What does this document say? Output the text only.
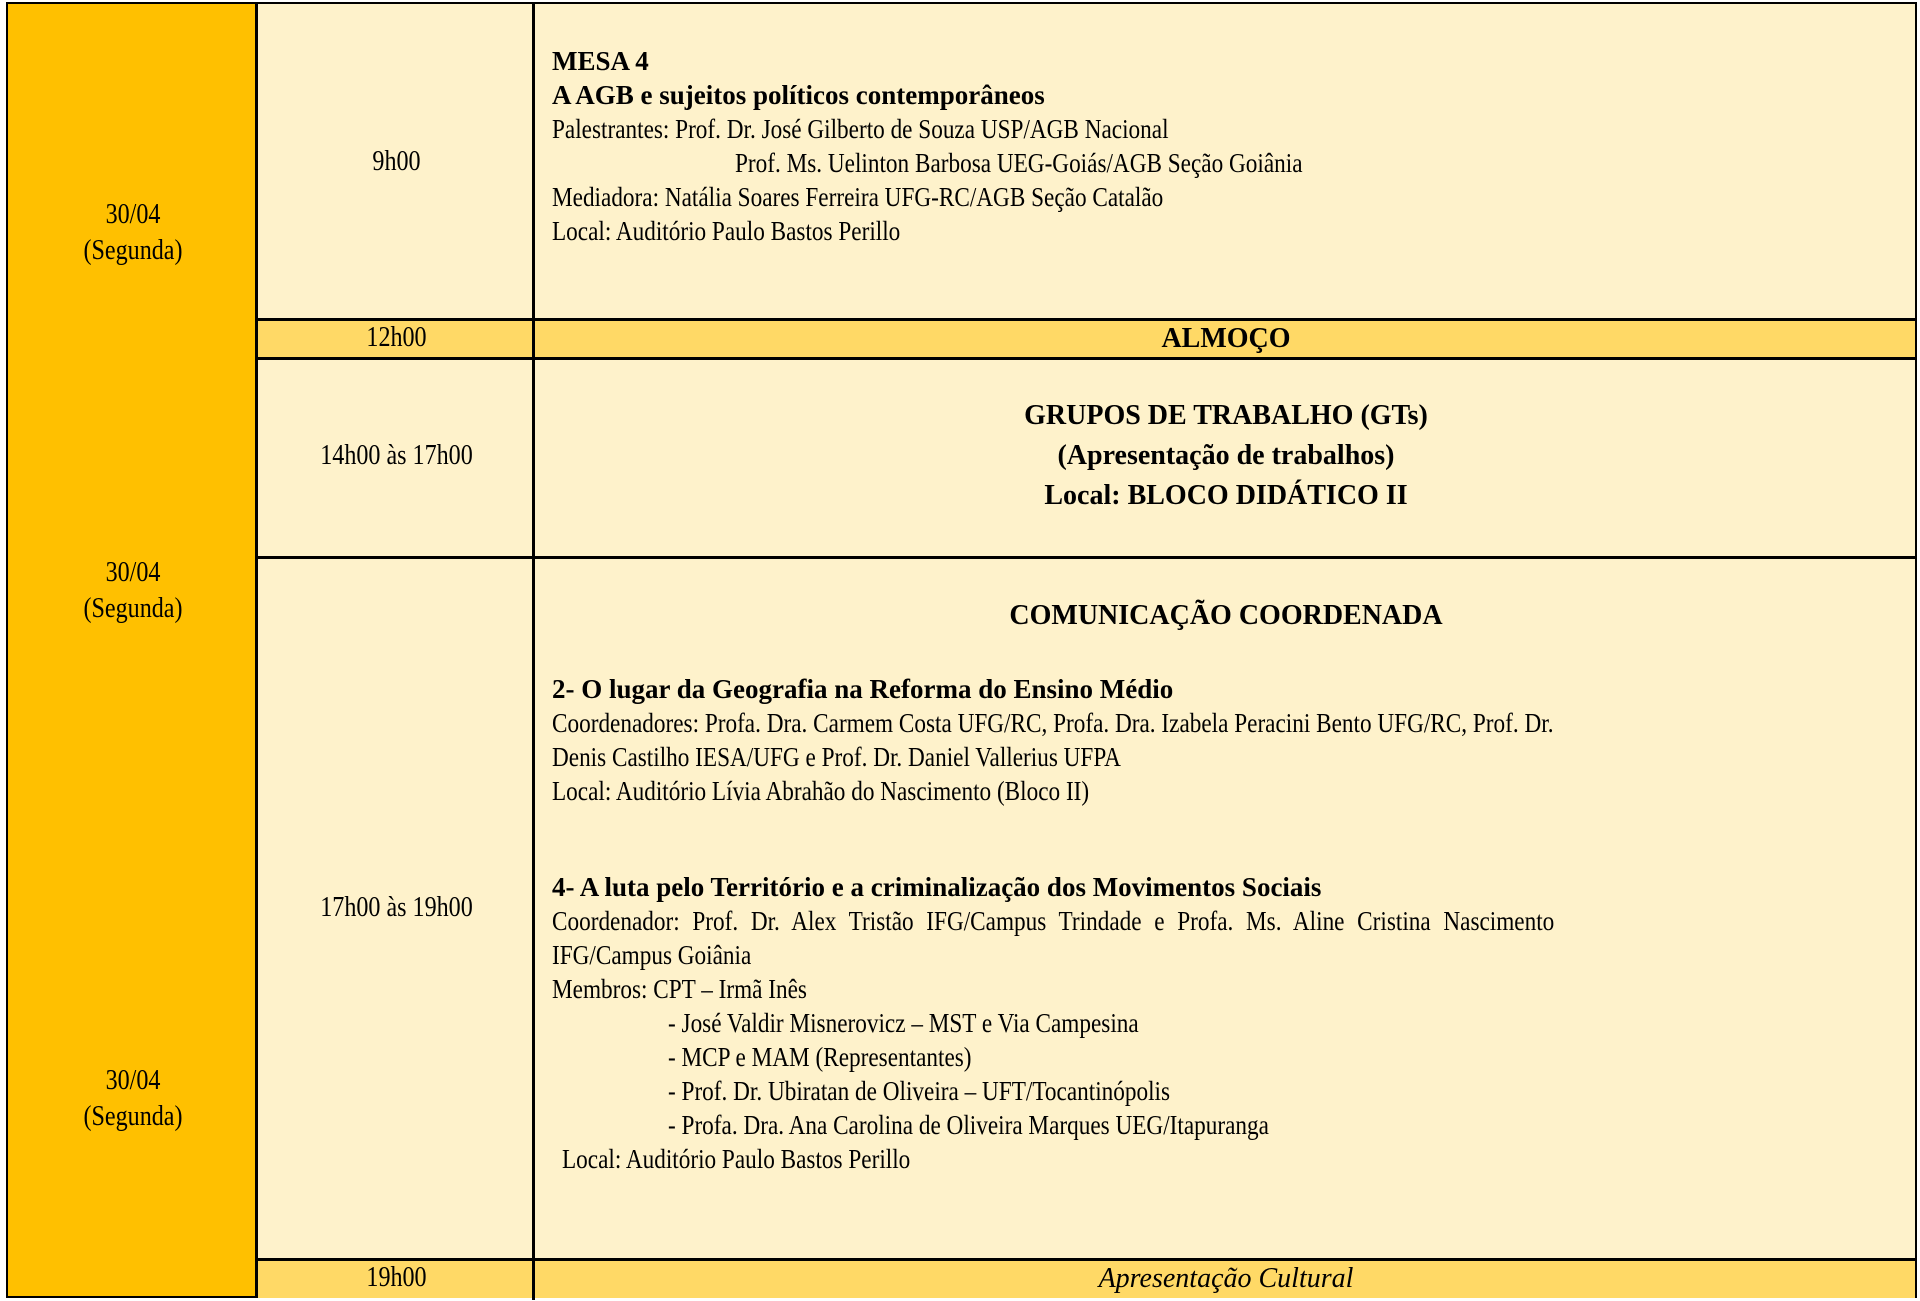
30/04
(Segunda)
30/04
(Segunda)
30/04
(Segunda)
9h00
MESA 4
A AGB e sujeitos políticos contemporâneos
Palestrantes: Prof. Dr. José Gilberto de Souza USP/AGB Nacional
Prof. Ms. Uelinton Barbosa UEG-Goiás/AGB Seção Goiânia
Mediadora: Natália Soares Ferreira UFG-RC/AGB Seção Catalão
Local: Auditório Paulo Bastos Perillo
12h00	ALMOÇO
14h00 às 17h00
GRUPOS DE TRABALHO (GTs)
(Apresentação de trabalhos)
Local: BLOCO DIDÁTICO II
17h00 às 19h00
COMUNICAÇÃO COORDENADA
2- O lugar da Geografia na Reforma do Ensino Médio
Coordenadores: Profa. Dra. Carmem Costa UFG/RC, Profa. Dra. Izabela Peracini Bento UFG/RC, Prof. Dr.
Denis Castilho IESA/UFG e Prof. Dr. Daniel Vallerius UFPA
Local: Auditório Lívia Abrahão do Nascimento (Bloco II)
4- A luta pelo Território e a criminalização dos Movimentos Sociais
Coordenador: Prof. Dr. Alex Tristão IFG/Campus Trindade e Profa. Ms. Aline Cristina Nascimento
IFG/Campus Goiânia
Membros: CPT – Irmã Inês
- José Valdir Misnerovicz – MST e Via Campesina
- MCP e MAM (Representantes)
- Prof. Dr. Ubiratan de Oliveira – UFT/Tocantinópolis
- Profa. Dra. Ana Carolina de Oliveira Marques UEG/Itapuranga
Local: Auditório Paulo Bastos Perillo
19h00	Apresentação Cultural
